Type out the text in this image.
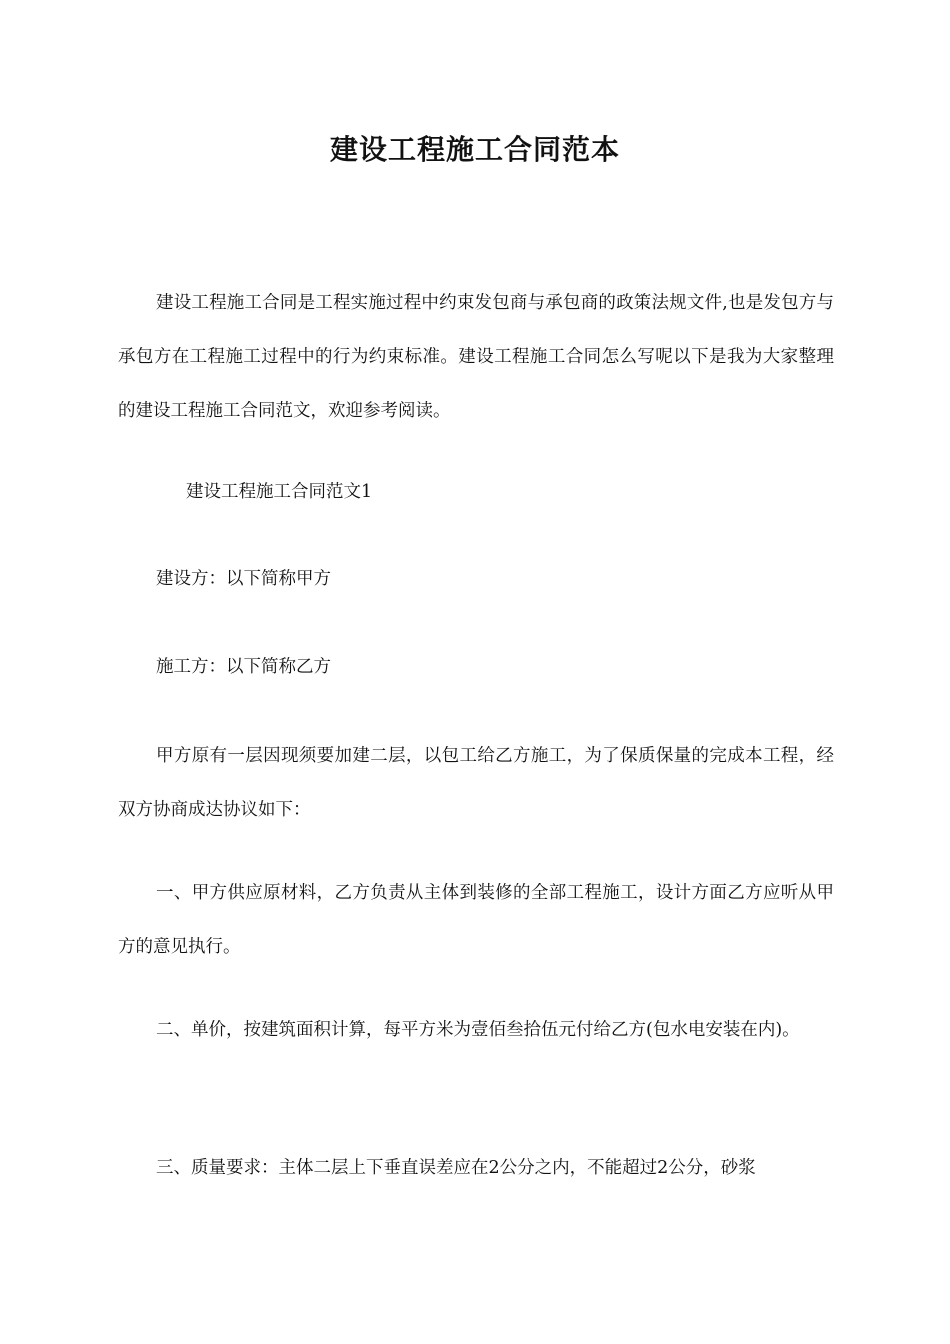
建设工程施工合同范本

建设工程施工合同是工程实施过程中约束发包商与承包商的政策法规文件,也是发包方与承包方在工程施工过程中的行为约束标准。建设工程施工合同怎么写呢以下是我为大家整理的建设工程施工合同范文，欢迎参考阅读。

建设工程施工合同范文1

建设方：以下简称甲方

施工方：以下简称乙方

甲方原有一层因现须要加建二层，以包工给乙方施工，为了保质保量的完成本工程，经双方协商成达协议如下：

一、甲方供应原材料，乙方负责从主体到装修的全部工程施工，设计方面乙方应听从甲方的意见执行。

二、单价，按建筑面积计算，每平方米为壹佰叁拾伍元付给乙方(包水电安装在内)。

三、质量要求：主体二层上下垂直误差应在2公分之内，不能超过2公分，砂浆
